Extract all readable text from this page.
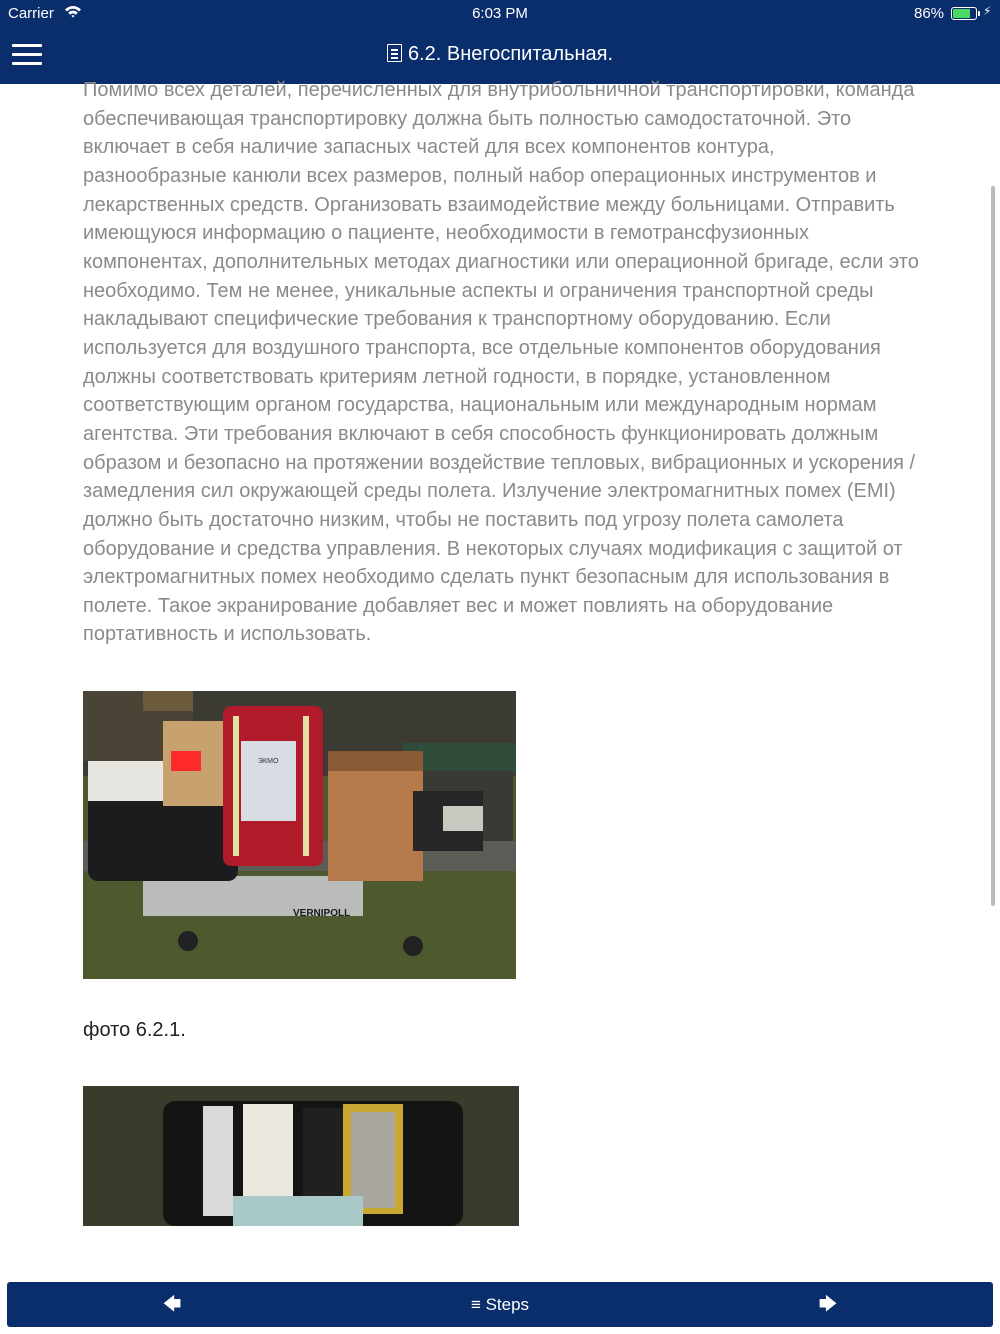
Carrier	6:03 PM	86%	⚡
6.2. Внегоспитальная.

Помимо всех деталей, перечисленных для внутрибольничной транспортировки, команда обеспечивающая транспортировку должна быть полностью самодостаточной. Это включает в себя наличие запасных частей для всех компонентов контура, разнообразные канюли всех размеров, полный набор операционных инструментов и лекарственных средств. Организовать взаимодействие между больницами. Отправить имеющуюся информацию о пациенте, необходимости в гемотрансфузионных компонентах, дополнительных методах диагностики или операционной бригаде, если это необходимо. Тем не менее, уникальные аспекты и ограничения транспортной среды накладывают специфические требования к транспортному оборудованию. Если используется для воздушного транспорта, все отдельные компонентов оборудования должны соответствовать критериям летной годности, в порядке, установленном соответствующим органом государства, национальным или международным нормам агентства. Эти требования включают в себя способность функционировать должным образом и безопасно на протяжении воздействие тепловых, вибрационных и ускорения / замедления сил окружающей среды полета. Излучение электромагнитных помех (EMI) должно быть достаточно низким, чтобы не поставить под угрозу полета самолета оборудование и средства управления. В некоторых случаях модификация с защитой от электромагнитных помех необходимо сделать пункт безопасным для использования в полете. Такое экранирование добавляет вес и может повлиять на оборудование портативность и использовать.

VERNIPOLL
ЭКМО

фото 6.2.1.

🡄	≡ Steps	🡆
